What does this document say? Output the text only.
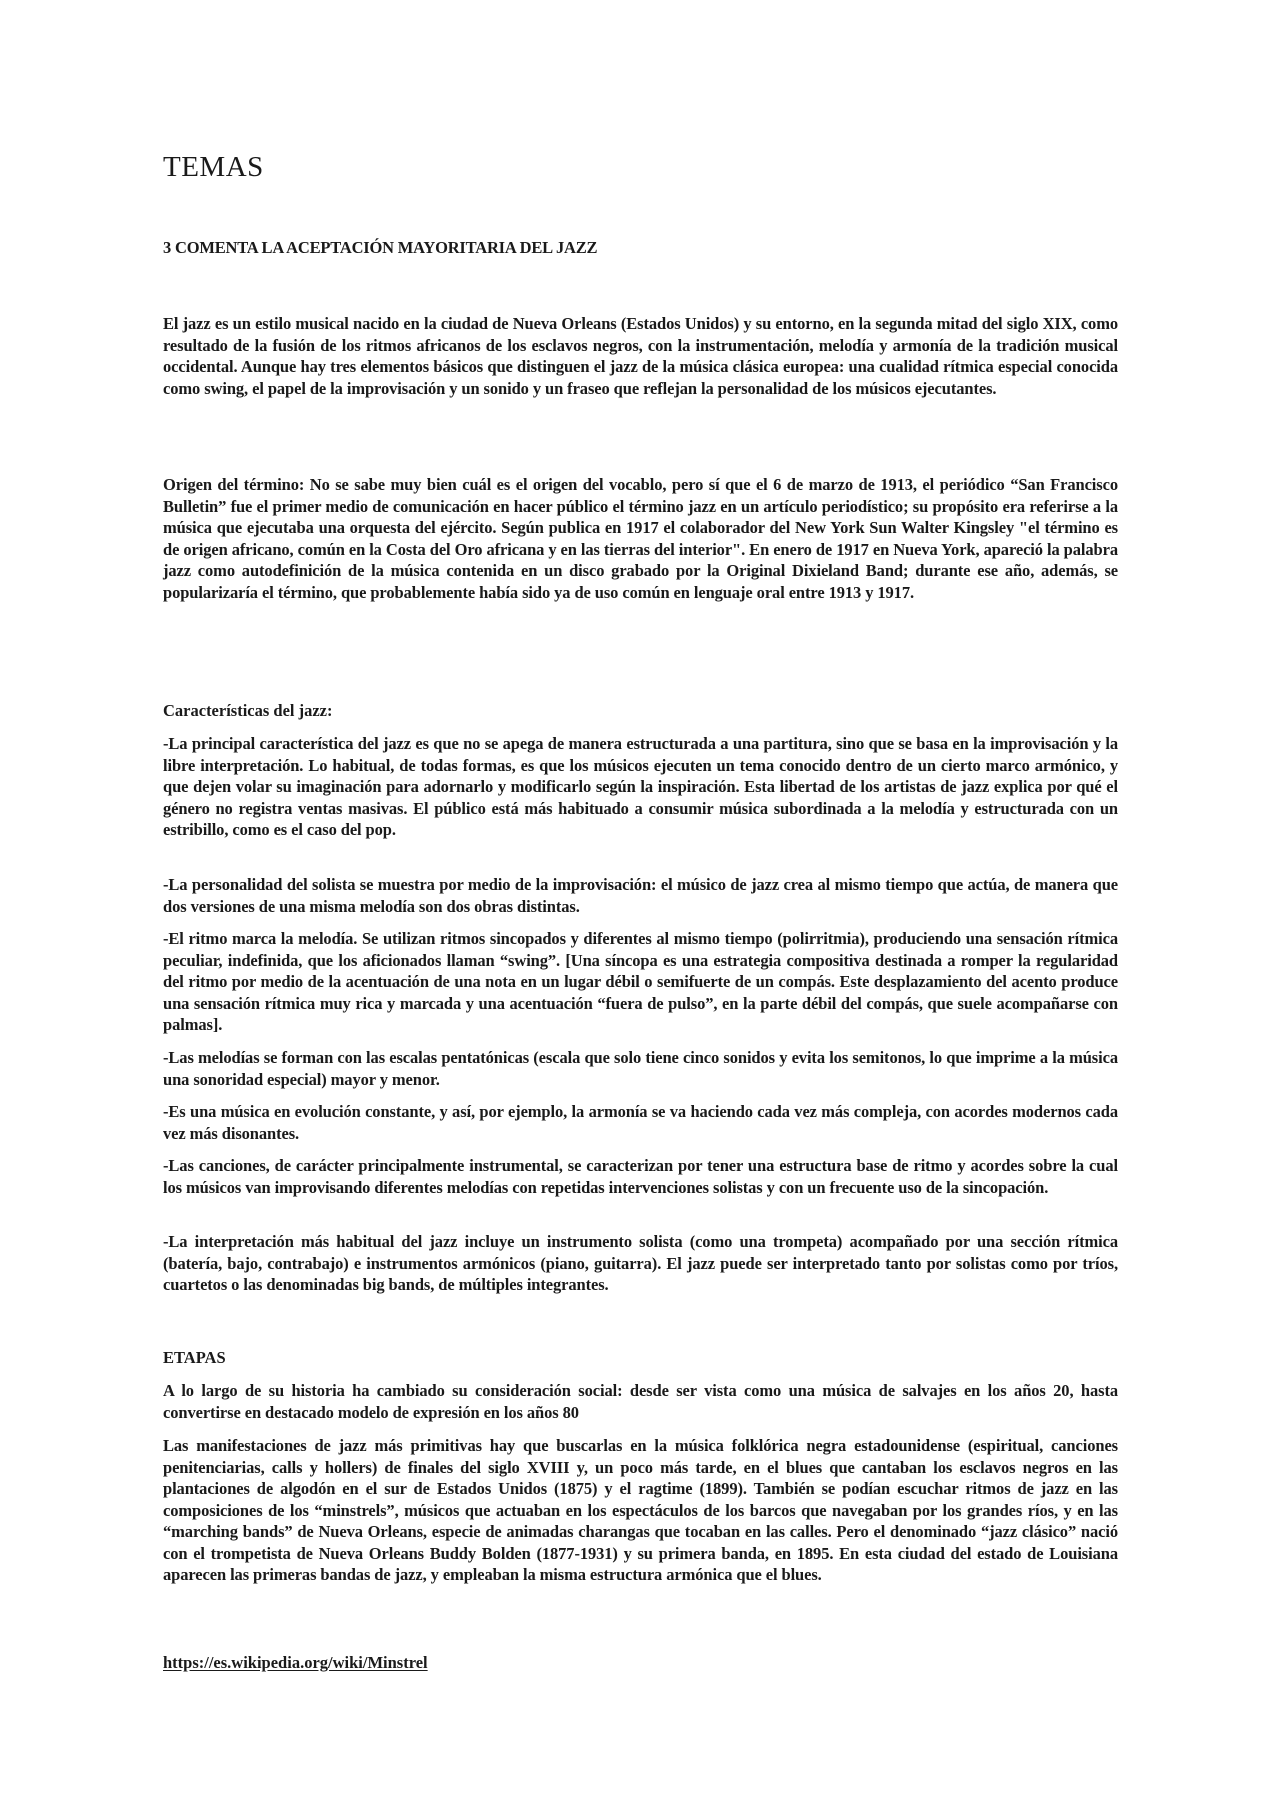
TEMAS

3 COMENTA LA ACEPTACIÓN MAYORITARIA DEL JAZZ

El jazz es un estilo musical nacido en la ciudad de Nueva Orleans (Estados Unidos) y su entorno, en la segunda mitad del siglo XIX, como resultado de la fusión de los ritmos africanos de los esclavos negros, con la instrumentación, melodía y armonía de la tradición musical occidental. Aunque hay tres elementos básicos que distinguen el jazz de la música clásica europea: una cualidad rítmica especial conocida como swing, el papel de la improvisación y un sonido y un fraseo que reflejan la personalidad de los músicos ejecutantes.

Origen del término: No se sabe muy bien cuál es el origen del vocablo, pero sí que el 6 de marzo de 1913, el periódico “San Francisco Bulletin” fue el primer medio de comunicación en hacer público el término jazz en un artículo periodístico; su propósito era referirse a la música que ejecutaba una orquesta del ejército. Según publica en 1917 el colaborador del New York Sun Walter Kingsley "el término es de origen africano, común en la Costa del Oro africana y en las tierras del interior". En enero de 1917 en Nueva York, apareció la palabra jazz como autodefinición de la música contenida en un disco grabado por la Original Dixieland Band; durante ese año, además, se popularizaría el término, que probablemente había sido ya de uso común en lenguaje oral entre 1913 y 1917.

Características del jazz:

-La principal característica del jazz es que no se apega de manera estructurada a una partitura, sino que se basa en la improvisación y la libre interpretación. Lo habitual, de todas formas, es que los músicos ejecuten un tema conocido dentro de un cierto marco armónico, y que dejen volar su imaginación para adornarlo y modificarlo según la inspiración. Esta libertad de los artistas de jazz explica por qué el género no registra ventas masivas. El público está más habituado a consumir música subordinada a la melodía y estructurada con un estribillo, como es el caso del pop.

-La personalidad del solista se muestra por medio de la improvisación: el músico de jazz crea al mismo tiempo que actúa, de manera que dos versiones de una misma melodía son dos obras distintas.

-El ritmo marca la melodía. Se utilizan ritmos sincopados y diferentes al mismo tiempo (polirritmia), produciendo una sensación rítmica peculiar, indefinida, que los aficionados llaman “swing”. [Una síncopa es una estrategia compositiva destinada a romper la regularidad del ritmo por medio de la acentuación de una nota en un lugar débil o semifuerte de un compás. Este desplazamiento del acento produce una sensación rítmica muy rica y marcada y una acentuación “fuera de pulso”, en la parte débil del compás, que suele acompañarse con palmas].

-Las melodías se forman con las escalas pentatónicas (escala que solo tiene cinco sonidos y evita los semitonos, lo que imprime a la música una sonoridad especial) mayor y menor.

-Es una música en evolución constante, y así, por ejemplo, la armonía se va haciendo cada vez más compleja, con acordes modernos cada vez más disonantes.

-Las canciones, de carácter principalmente instrumental, se caracterizan por tener una estructura base de ritmo y acordes sobre la cual los músicos van improvisando diferentes melodías con repetidas intervenciones solistas y con un frecuente uso de la sincopación.

-La interpretación más habitual del jazz incluye un instrumento solista (como una trompeta) acompañado por una sección rítmica (batería, bajo, contrabajo) e instrumentos armónicos (piano, guitarra). El jazz puede ser interpretado tanto por solistas como por tríos, cuartetos o las denominadas big bands, de múltiples integrantes.

ETAPAS

A lo largo de su historia ha cambiado su consideración social: desde ser vista como una música de salvajes en los años 20, hasta convertirse en destacado modelo de expresión en los años 80

Las manifestaciones de jazz más primitivas hay que buscarlas en la música folklórica negra estadounidense (espiritual, canciones penitenciarias, calls y hollers) de finales del siglo XVIII y, un poco más tarde, en el blues que cantaban los esclavos negros en las plantaciones de algodón en el sur de Estados Unidos (1875) y el ragtime (1899). También se podían escuchar ritmos de jazz en las composiciones de los “minstrels”, músicos que actuaban en los espectáculos de los barcos que navegaban por los grandes ríos, y en las “marching bands” de Nueva Orleans, especie de animadas charangas que tocaban en las calles. Pero el denominado “jazz clásico” nació con el trompetista de Nueva Orleans Buddy Bolden (1877-1931) y su primera banda, en 1895. En esta ciudad del estado de Louisiana aparecen las primeras bandas de jazz, y empleaban la misma estructura armónica que el blues.

https://es.wikipedia.org/wiki/Minstrel
